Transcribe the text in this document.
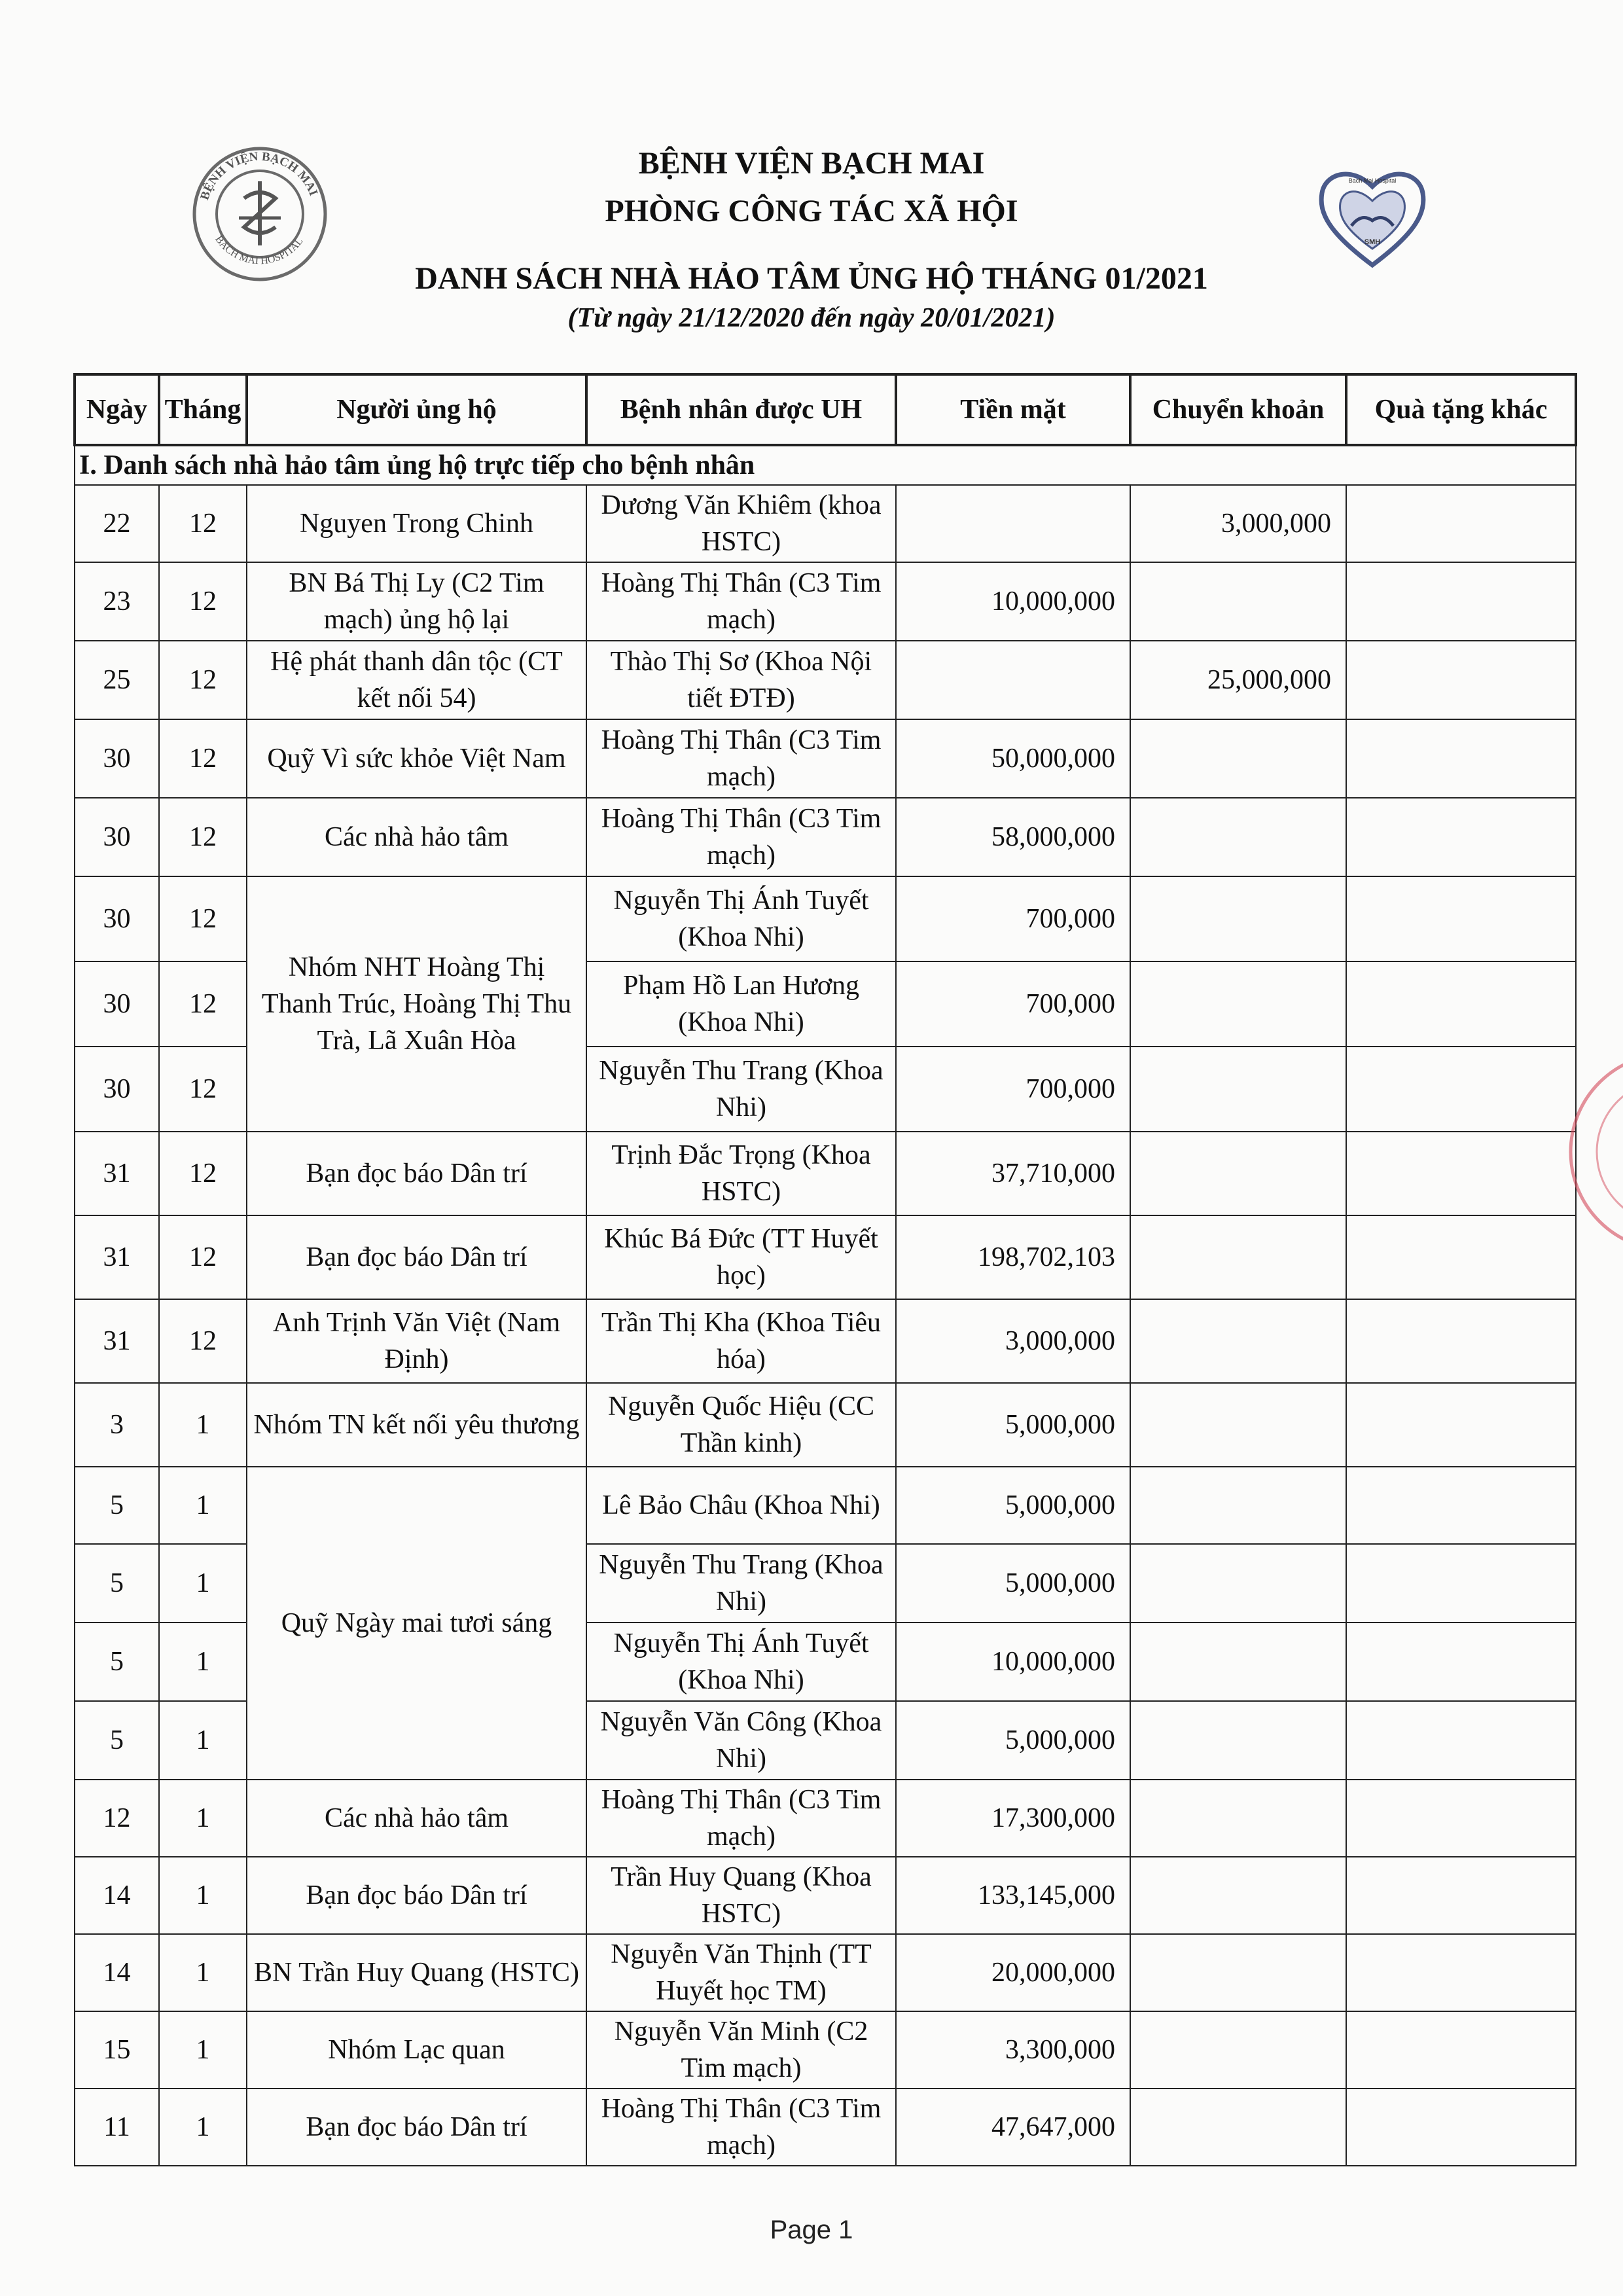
BỆNH VIỆN BẠCH MAI
BACH MAI HOSPITAL
Bach Mai Hospital
SMH
BỆNH VIỆN BẠCH MAI
PHÒNG CÔNG TÁC XÃ HỘI
DANH SÁCH NHÀ HẢO TÂM ỦNG HỘ THÁNG 01/2021
(Từ ngày 21/12/2020 đến ngày 20/01/2021)
Ngày	Tháng	Người ủng hộ	Bệnh nhân được UH	Tiền mặt	Chuyển khoản	Quà tặng khác
I. Danh sách nhà hảo tâm ủng hộ trực tiếp cho bệnh nhân						
22	12	Nguyen Trong Chinh	Dương Văn Khiêm (khoa HSTC)		3,000,000	
23	12	BN Bá Thị Ly (C2 Tim mạch) ủng hộ lại	Hoàng Thị Thân (C3 Tim mạch)	10,000,000		
25	12	Hệ phát thanh dân tộc (CT kết nối 54)	Thào Thị Sơ (Khoa Nội tiết ĐTĐ)		25,000,000	
30	12	Quỹ Vì sức khỏe Việt Nam	Hoàng Thị Thân (C3 Tim mạch)	50,000,000		
30	12	Các nhà hảo tâm	Hoàng Thị Thân (C3 Tim mạch)	58,000,000		
30	12	Nhóm NHT Hoàng Thị Thanh Trúc, Hoàng Thị Thu Trà, Lã Xuân Hòa	Nguyễn Thị Ánh Tuyết (Khoa Nhi)	700,000		
30	12		Phạm Hồ Lan Hương (Khoa Nhi)	700,000		
30	12		Nguyễn Thu Trang (Khoa Nhi)	700,000		
31	12	Bạn đọc báo Dân trí	Trịnh Đắc Trọng (Khoa HSTC)	37,710,000		
31	12	Bạn đọc báo Dân trí	Khúc Bá Đức (TT Huyết học)	198,702,103		
31	12	Anh Trịnh Văn Việt (Nam Định)	Trần Thị Kha (Khoa Tiêu hóa)	3,000,000		
3	1	Nhóm TN kết nối yêu thương	Nguyễn Quốc Hiệu (CC Thần kinh)	5,000,000		
5	1	Quỹ Ngày mai tươi sáng	Lê Bảo Châu (Khoa Nhi)	5,000,000		
5	1		Nguyễn Thu Trang (Khoa Nhi)	5,000,000		
5	1		Nguyễn Thị Ánh Tuyết (Khoa Nhi)	10,000,000		
5	1		Nguyễn Văn Công (Khoa Nhi)	5,000,000		
12	1	Các nhà hảo tâm	Hoàng Thị Thân (C3 Tim mạch)	17,300,000		
14	1	Bạn đọc báo Dân trí	Trần Huy Quang (Khoa HSTC)	133,145,000		
14	1	BN Trần Huy Quang (HSTC)	Nguyễn Văn Thịnh (TT Huyết học TM)	20,000,000		
15	1	Nhóm Lạc quan	Nguyễn Văn Minh (C2 Tim mạch)	3,300,000		
11	1	Bạn đọc báo Dân trí	Hoàng Thị Thân (C3 Tim mạch)	47,647,000		
Page 1
